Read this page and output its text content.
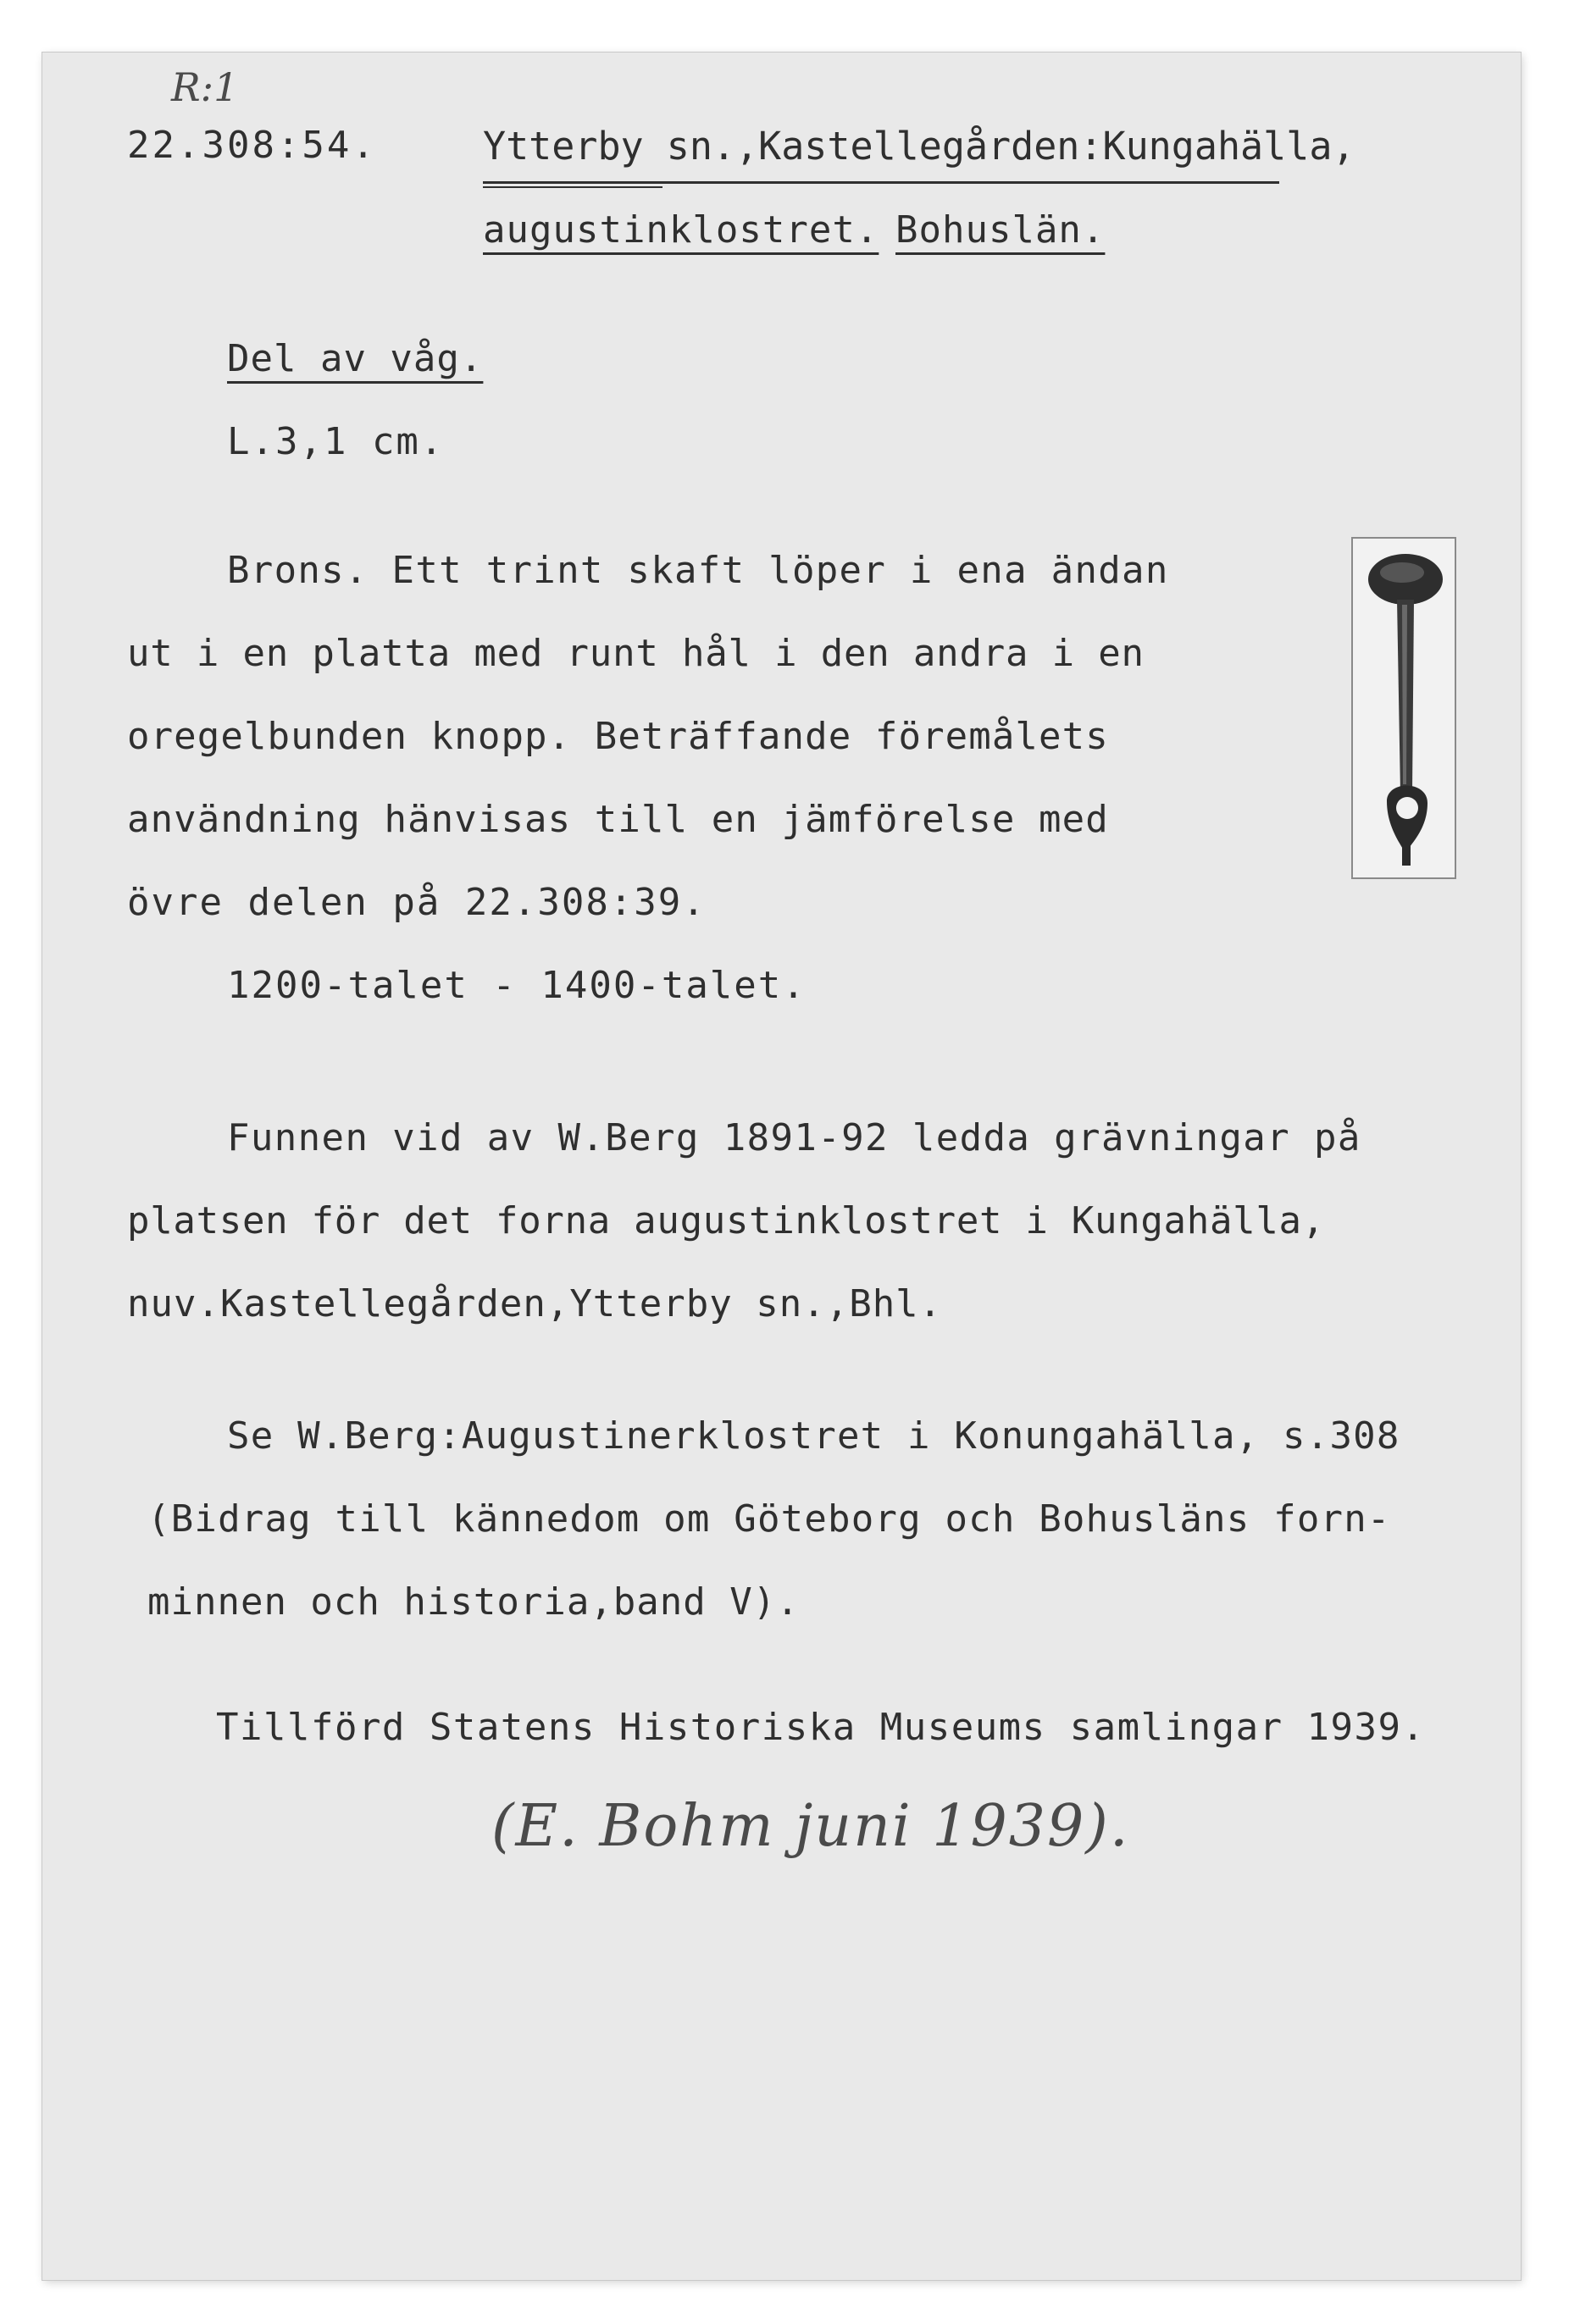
R:1
22.308:54.	Ytterby sn.,Kastellegården:Kungahälla,
augustinklostret. Bohuslän.
Del av våg.
L.3,1 cm.
Brons. Ett trint skaft löper i ena ändan
ut i en platta med runt hål i den andra i en
oregelbunden knopp. Beträffande föremålets
användning hänvisas till en jämförelse med
övre delen på 22.308:39.
1200-talet - 1400-talet.
Funnen vid av W.Berg 1891-92 ledda grävningar på
platsen för det forna augustinklostret i Kungahälla,
nuv.Kastellegården,Ytterby sn.,Bhl.
Se W.Berg:Augustinerklostret i Konungahälla, s.308
(Bidrag till kännedom om Göteborg och Bohusläns forn-
minnen och historia,band V).
Tillförd Statens Historiska Museums samlingar 1939.
(E. Bohm juni 1939).
